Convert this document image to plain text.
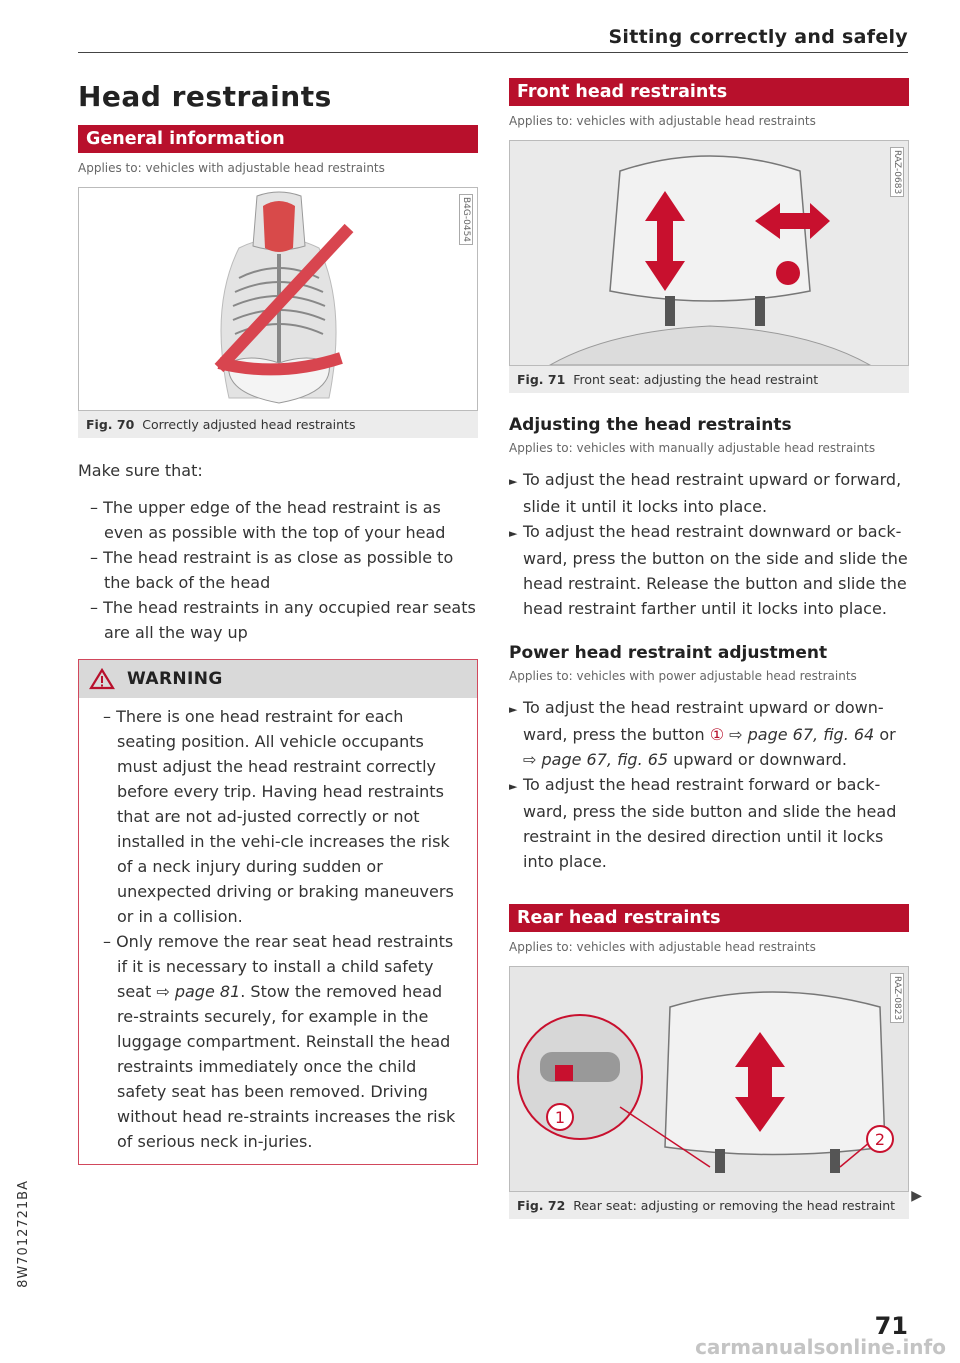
Sitting correctly and safely
Head restraints
General information
Applies to: vehicles with adjustable head restraints
B4G-0454
Fig. 70 Correctly adjusted head restraints
Make sure that:

– The upper edge of the head restraint is as even as possible with the top of your head

– The head restraint is as close as possible to the back of the head

– The head restraints in any occupied rear seats are all the way up

WARNING

– There is one head restraint for each seating position. All vehicle occupants must adjust the head restraint correctly before every trip. Having head restraints that are not ad-justed correctly or not installed in the vehi-cle increases the risk of a neck injury during sudden or unexpected driving or braking maneuvers or in a collision.

– Only remove the rear seat head restraints if it is necessary to install a child safety seat ⇨ page 81. Stow the removed head re-straints securely, for example in the luggage compartment. Reinstall the head restraints immediately once the child safety seat has been removed. Driving without head re-straints increases the risk of serious neck in-juries.

Front head restraints
Applies to: vehicles with adjustable head restraints
RAZ-0683
Fig. 71 Front seat: adjusting the head restraint
Adjusting the head restraints
Applies to: vehicles with manually adjustable head restraints

► To adjust the head restraint upward or forward, slide it until it locks into place.

► To adjust the head restraint downward or back-ward, press the button on the side and slide the head restraint. Release the button and slide the head restraint farther until it locks into place.

Power head restraint adjustment
Applies to: vehicles with power adjustable head restraints

► To adjust the head restraint upward or down-ward, press the button ① ⇨ page 67, fig. 64 or ⇨ page 67, fig. 65 upward or downward.

► To adjust the head restraint forward or back-ward, press the side button and slide the head restraint in the desired direction until it locks into place.

Rear head restraints
Applies to: vehicles with adjustable head restraints
RAZ-0823
1
2
Fig. 72 Rear seat: adjusting or removing the head restraint
▶
8W7012721BA
71
carmanualsonline.info
